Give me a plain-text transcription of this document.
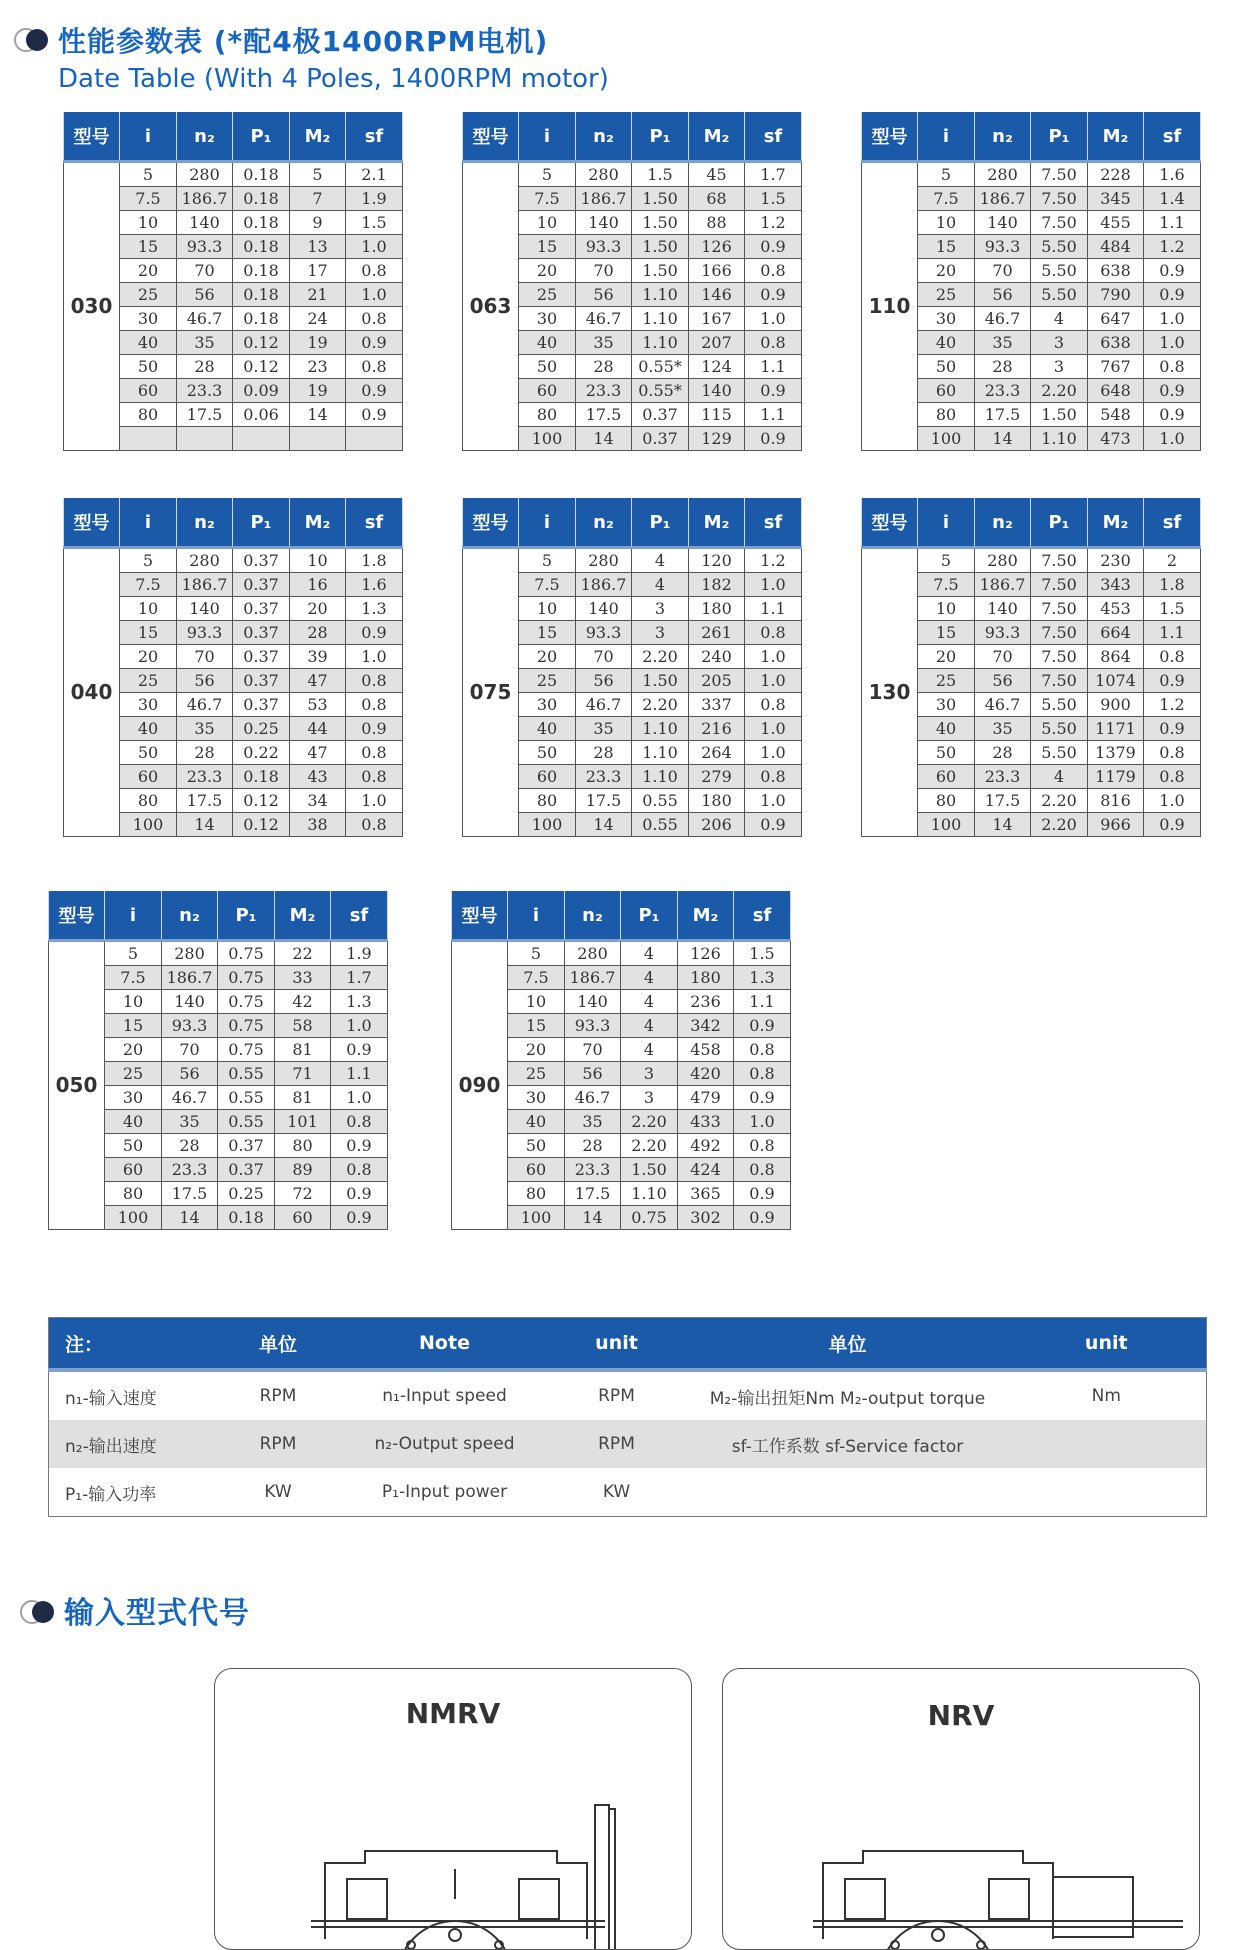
性能参数表 (*配4极1400RPM电机)
Date Table (With 4 Poles, 1400RPM motor)
型号	i	n₂	P₁	M₂	sf
030	5	280	0.18	5	2.1
	7.5	186.7	0.18	7	1.9
	10	140	0.18	9	1.5
	15	93.3	0.18	13	1.0
	20	70	0.18	17	0.8
	25	56	0.18	21	1.0
	30	46.7	0.18	24	0.8
	40	35	0.12	19	0.9
	50	28	0.12	23	0.8
	60	23.3	0.09	19	0.9
	80	17.5	0.06	14	0.9

型号	i	n₂	P₁	M₂	sf
063	5	280	1.5	45	1.7
	7.5	186.7	1.50	68	1.5
	10	140	1.50	88	1.2
	15	93.3	1.50	126	0.9
	20	70	1.50	166	0.8
	25	56	1.10	146	0.9
	30	46.7	1.10	167	1.0
	40	35	1.10	207	0.8
	50	28	0.55*	124	1.1
	60	23.3	0.55*	140	0.9
	80	17.5	0.37	115	1.1
	100	14	0.37	129	0.9
型号	i	n₂	P₁	M₂	sf
110	5	280	7.50	228	1.6
	7.5	186.7	7.50	345	1.4
	10	140	7.50	455	1.1
	15	93.3	5.50	484	1.2
	20	70	5.50	638	0.9
	25	56	5.50	790	0.9
	30	46.7	4	647	1.0
	40	35	3	638	1.0
	50	28	3	767	0.8
	60	23.3	2.20	648	0.9
	80	17.5	1.50	548	0.9
	100	14	1.10	473	1.0
型号	i	n₂	P₁	M₂	sf
040	5	280	0.37	10	1.8
	7.5	186.7	0.37	16	1.6
	10	140	0.37	20	1.3
	15	93.3	0.37	28	0.9
	20	70	0.37	39	1.0
	25	56	0.37	47	0.8
	30	46.7	0.37	53	0.8
	40	35	0.25	44	0.9
	50	28	0.22	47	0.8
	60	23.3	0.18	43	0.8
	80	17.5	0.12	34	1.0
	100	14	0.12	38	0.8
型号	i	n₂	P₁	M₂	sf
075	5	280	4	120	1.2
	7.5	186.7	4	182	1.0
	10	140	3	180	1.1
	15	93.3	3	261	0.8
	20	70	2.20	240	1.0
	25	56	1.50	205	1.0
	30	46.7	2.20	337	0.8
	40	35	1.10	216	1.0
	50	28	1.10	264	1.0
	60	23.3	1.10	279	0.8
	80	17.5	0.55	180	1.0
	100	14	0.55	206	0.9
型号	i	n₂	P₁	M₂	sf
130	5	280	7.50	230	2
	7.5	186.7	7.50	343	1.8
	10	140	7.50	453	1.5
	15	93.3	7.50	664	1.1
	20	70	7.50	864	0.8
	25	56	7.50	1074	0.9
	30	46.7	5.50	900	1.2
	40	35	5.50	1171	0.9
	50	28	5.50	1379	0.8
	60	23.3	4	1179	0.8
	80	17.5	2.20	816	1.0
	100	14	2.20	966	0.9
型号	i	n₂	P₁	M₂	sf
050	5	280	0.75	22	1.9
	7.5	186.7	0.75	33	1.7
	10	140	0.75	42	1.3
	15	93.3	0.75	58	1.0
	20	70	0.75	81	0.9
	25	56	0.55	71	1.1
	30	46.7	0.55	81	1.0
	40	35	0.55	101	0.8
	50	28	0.37	80	0.9
	60	23.3	0.37	89	0.8
	80	17.5	0.25	72	0.9
	100	14	0.18	60	0.9
型号	i	n₂	P₁	M₂	sf
090	5	280	4	126	1.5
	7.5	186.7	4	180	1.3
	10	140	4	236	1.1
	15	93.3	4	342	0.9
	20	70	4	458	0.8
	25	56	3	420	0.8
	30	46.7	3	479	0.9
	40	35	2.20	433	1.0
	50	28	2.20	492	0.8
	60	23.3	1.50	424	0.8
	80	17.5	1.10	365	0.9
	100	14	0.75	302	0.9
注：	单位	Note	unit	单位	unit
n₁-输入速度	RPM	n₁-Input speed	RPM	M₂-输出扭矩Nm M₂-output torque	Nm
n₂-输出速度	RPM	n₂-Output speed	RPM	sf-工作系数 sf-Service factor	
P₁-输入功率	KW	P₁-Input power	KW		
输入型式代号
NMRV	NRV
